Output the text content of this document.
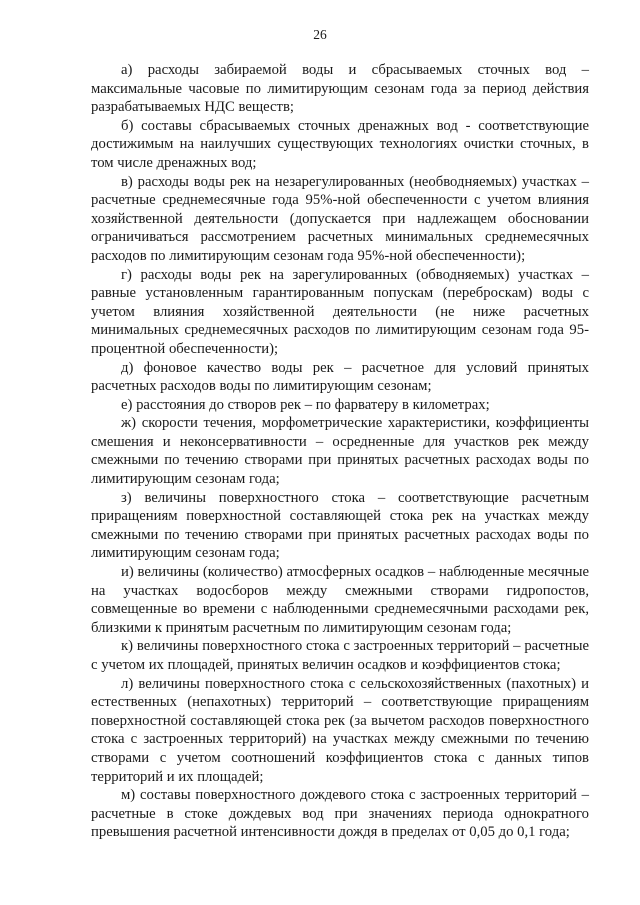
26

а) расходы забираемой воды и сбрасываемых сточных вод – максимальные часовые по лимитирующим сезонам года за период действия разрабатываемых НДС веществ;

б) составы сбрасываемых сточных дренажных вод - соответствующие достижимым на наилучших существующих технологиях очистки сточных, в том числе дренажных вод;

в) расходы воды рек на незарегулированных (необводняемых) участках – расчетные среднемесячные года 95%-ной обеспеченности с учетом влияния хозяйственной деятельности (допускается при надлежащем обосновании ограничиваться рассмотрением расчетных минимальных среднемесячных расходов по лимитирующим сезонам года 95%-ной обеспеченности);

г) расходы воды рек на зарегулированных (обводняемых) участках – равные установленным гарантированным попускам (переброскам) воды с учетом влияния хозяйственной деятельности (не ниже расчетных минимальных среднемесячных расходов по лимитирующим сезонам года 95-процентной обеспеченности);

д) фоновое качество воды рек – расчетное для условий принятых расчетных расходов воды по лимитирующим сезонам;

е) расстояния до створов рек – по фарватеру в километрах;

ж) скорости течения, морфометрические характеристики, коэффициенты смешения и неконсервативности – осредненные для участков рек между смежными по течению створами при принятых расчетных расходах воды по лимитирующим сезонам года;

з) величины поверхностного стока – соответствующие расчетным приращениям поверхностной составляющей стока рек на участках между смежными по течению створами при принятых расчетных расходах воды по лимитирующим сезонам года;

и) величины (количество) атмосферных осадков – наблюденные месячные на участках водосборов между смежными створами гидропостов, совмещенные во времени с наблюденными среднемесячными расходами рек, близкими к принятым расчетным по лимитирующим сезонам года;

к) величины поверхностного стока с застроенных территорий – расчетные с учетом их площадей, принятых величин осадков и коэффициентов стока;

л) величины поверхностного стока с сельскохозяйственных (пахотных) и естественных (непахотных) территорий – соответствующие приращениям поверхностной составляющей стока рек (за вычетом расходов поверхностного стока с застроенных территорий) на участках между смежными по течению створами с учетом соотношений коэффициентов стока с данных типов территорий и их площадей;

м) составы поверхностного дождевого стока с застроенных территорий – расчетные в стоке дождевых вод при значениях периода однократного превышения расчетной интенсивности дождя в пределах от 0,05 до 0,1 года;
